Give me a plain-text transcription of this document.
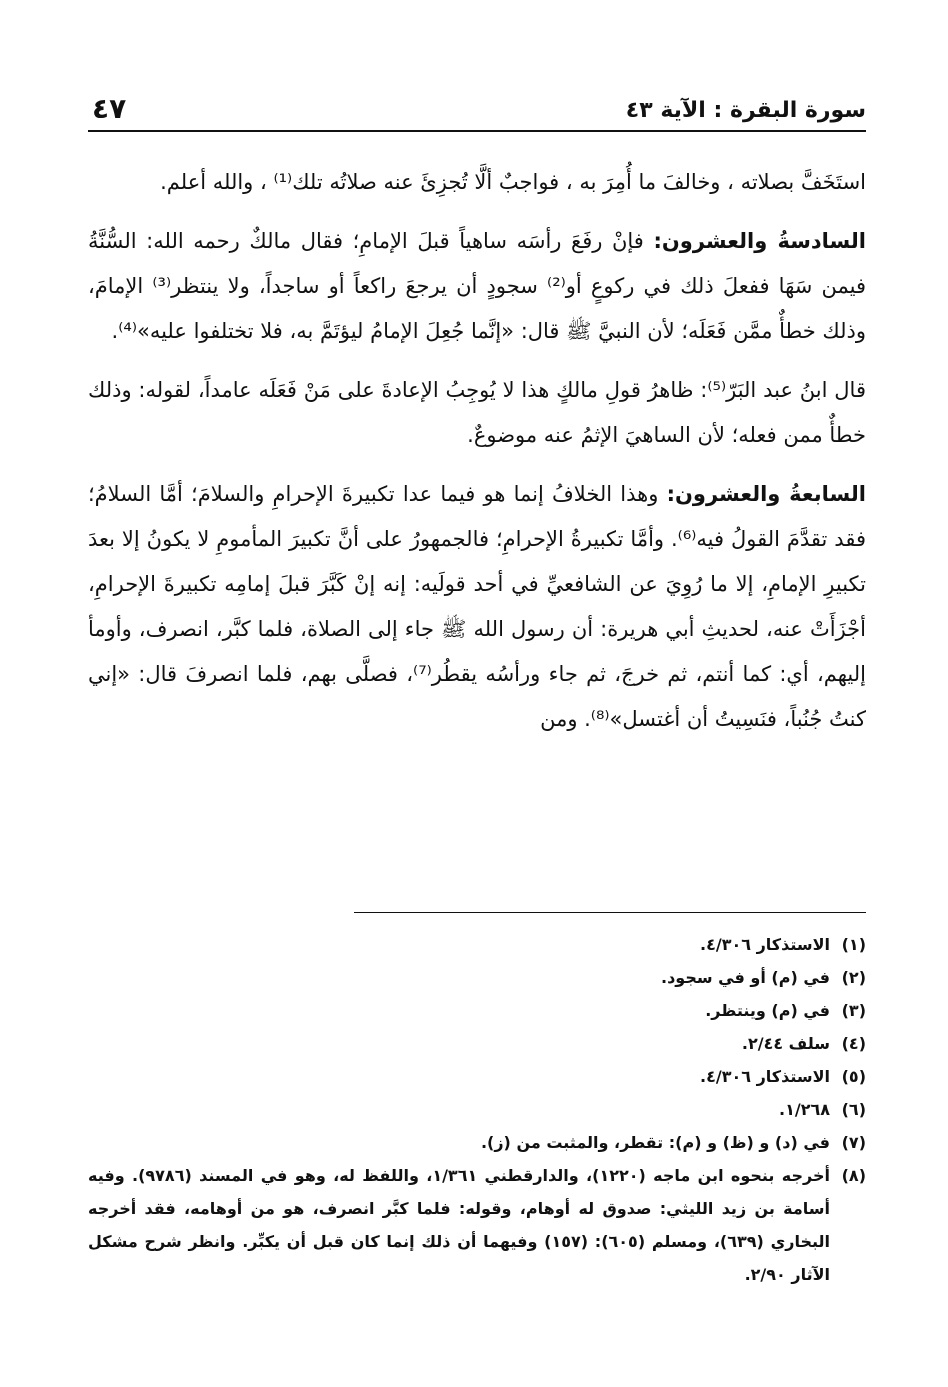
سورة البقرة : الآية ٤٣
٤٧

استَخَفَّ بصلاته ، وخالفَ ما أُمِرَ به ، فواجبٌ ألَّا تُجزِئَ عنه صلاتُه تلك⁽¹⁾ ، والله أعلم.

السادسةُ والعشرون:

فإنْ رفَعَ رأسَه ساهياً قبلَ الإمامِ؛ فقال مالكٌ رحمه الله: السُّنَّةُ فيمن سَهَا ففعلَ ذلك في ركوعٍ أو⁽²⁾ سجودٍ أن يرجعَ راكعاً أو ساجداً، ولا ينتظر⁽³⁾ الإمامَ، وذلك خطأٌ ممَّن فَعَلَه؛ لأن النبيَّ ﷺ قال: «إنَّما جُعِلَ الإمامُ ليؤتَمَّ به، فلا تختلفوا عليه»⁽⁴⁾.

قال ابنُ عبد البَرّ⁽⁵⁾: ظاهرُ قولِ مالكٍ هذا لا يُوجِبُ الإعادةَ على مَنْ فَعَلَه عامداً، لقوله: وذلك خطأٌ ممن فعله؛ لأن الساهيَ الإثمُ عنه موضوعٌ.

السابعةُ والعشرون:

وهذا الخلافُ إنما هو فيما عدا تكبيرةَ الإحرامِ والسلامَ؛ أمَّا السلامُ؛ فقد تقدَّمَ القولُ فيه⁽⁶⁾. وأمَّا تكبيرةُ الإحرامِ؛ فالجمهورُ على أنَّ تكبيرَ المأمومِ لا يكونُ إلا بعدَ تكبيرِ الإمامِ، إلا ما رُوِيَ عن الشافعيِّ في أحد قولَيه: إنه إنْ كَبَّرَ قبلَ إمامِه تكبيرةَ الإحرامِ، أجْزَأَتْ عنه، لحديثِ أبي هريرة: أن رسول الله ﷺ جاء إلى الصلاة، فلما كبَّر، انصرف، وأومأ إليهم، أي: كما أنتم، ثم خرجَ، ثم جاء ورأسُه يقطُر⁽⁷⁾، فصلَّى بهم، فلما انصرفَ قال: «إني كنتُ جُنُباً، فنَسِيتُ أن أغتسل»⁽⁸⁾. ومن

(١)
الاستذكار ٤/٣٠٦.
(٢)
في (م) أو في سجود.
(٣)
في (م) وينتظر.
(٤)
سلف ٢/٤٤.
(٥)
الاستذكار ٤/٣٠٦.
(٦)
١/٢٦٨.
(٧)
في (د) و (ظ) و (م): تقطر، والمثبت من (ز).
(٨)
أخرجه بنحوه ابن ماجه (١٢٢٠)، والدارقطني ١/٣٦١، واللفظ له، وهو في المسند (٩٧٨٦). وفيه أسامة بن زيد الليثي: صدوق له أوهام، وقوله: فلما كبَّر انصرف، هو من أوهامه، فقد أخرجه البخاري (٦٣٩)، ومسلم (٦٠٥): (١٥٧) وفيهما أن ذلك إنما كان قبل أن يكبِّر. وانظر شرح مشكل الآثار ٢/٩٠.
